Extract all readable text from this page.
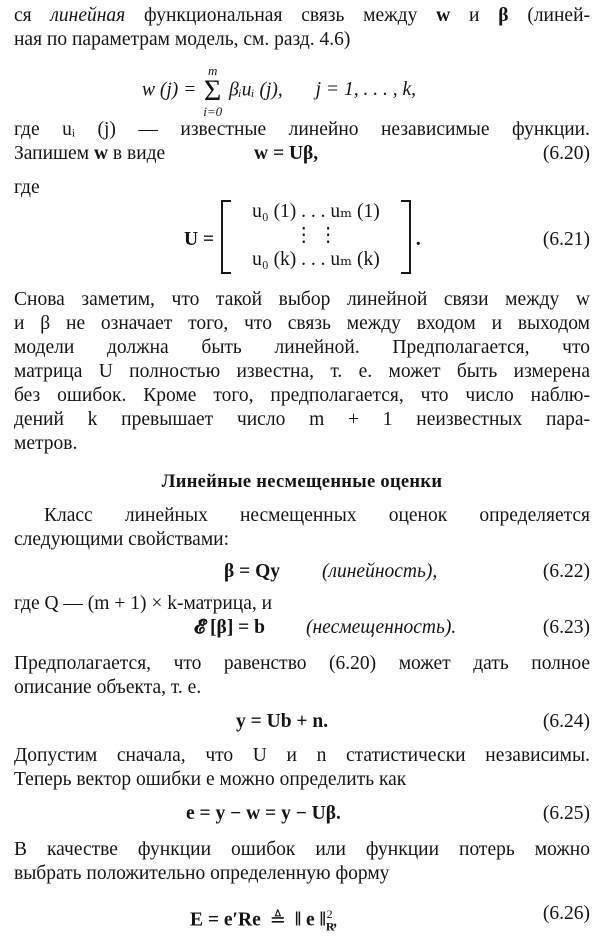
ся линейная функциональная связь между w и β (линей-
ная по параметрам модель, см. разд. 4.6)
w (j) =
m
Σ
i=0
βᵢuᵢ (j), j = 1, . . . , k,
где uᵢ (j) — известные линейно независимые функции.
Запишем w в виде	w = Uβ,	(6.20)
где
U =
u₀ (1) . . . uₘ (1)
⋮ ⋮
u₀ (k) . . . uₘ (k)
.	(6.21)
Снова заметим, что такой выбор линейной связи между w
и β не означает того, что связь между входом и выходом
модели должна быть линейной. Предполагается, что
матрица U полностью известна, т. е. может быть измерена
без ошибок. Кроме того, предполагается, что число наблю-
дений k превышает число m + 1 неизвестных пара-
метров.
Линейные несмещенные оценки
Класс линейных несмещенных оценок определяется
следующими свойствами:
β = Qy (линейность),	(6.22)
где Q — (m + 1) × k-матрица, и
𝓔 [β] = b (несмещенность).	(6.23)
Предполагается, что равенство (6.20) может дать полное
описание объекта, т. е.
y = Ub + n.	(6.24)
Допустим сначала, что U и n статистически независимы.
Теперь вектор ошибки e можно определить как
e = y − w = y − Uβ.	(6.25)
В качестве функции ошибок или функции потерь можно
выбрать положительно определенную форму
E = e′Re ≜ ‖ e $‖_R^2$,	(6.26)
